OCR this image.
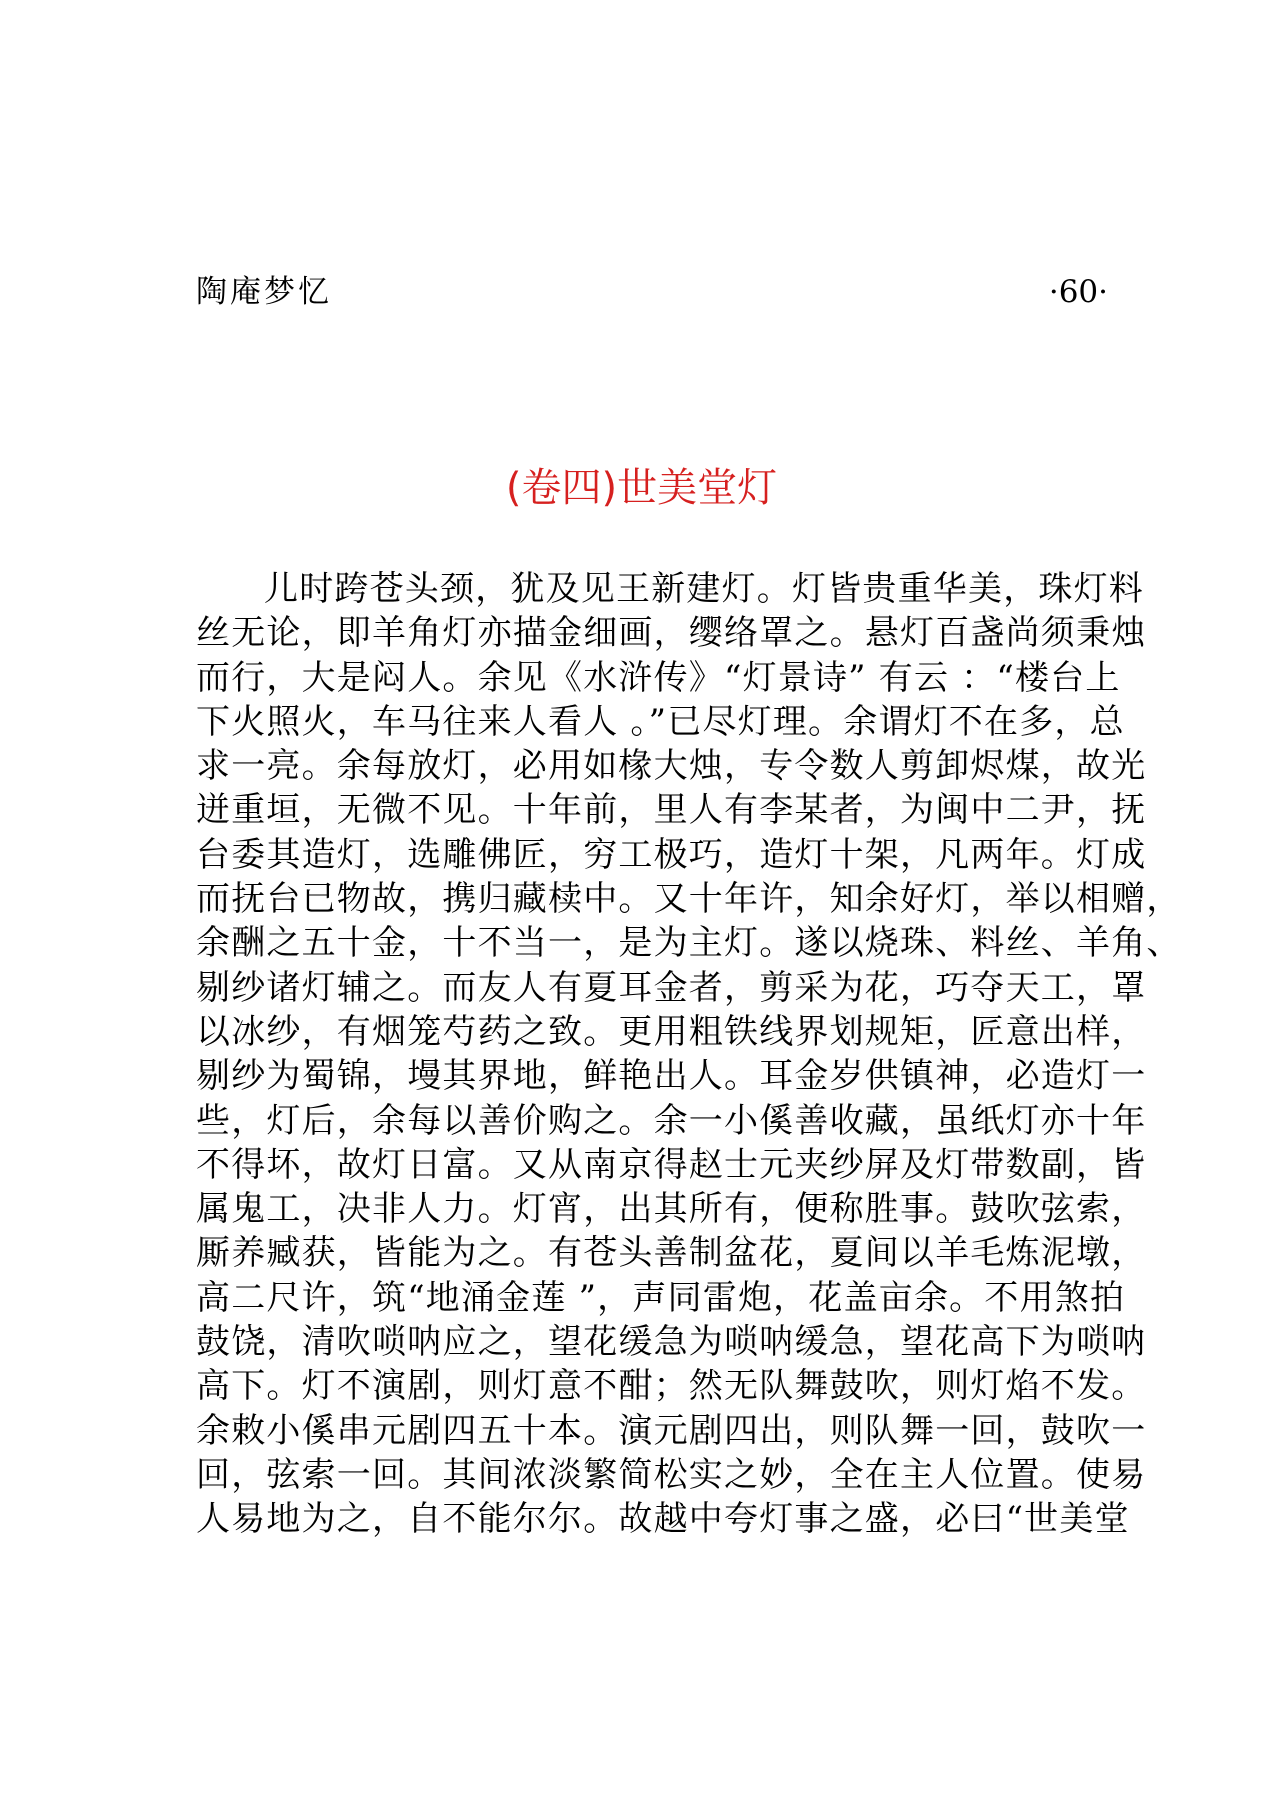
陶庵梦忆	·60·
(卷四)世美堂灯
儿时跨苍头颈，犹及见王新建灯。灯皆贵重华美，珠灯料
丝无论，即羊角灯亦描金细画，缨络罩之。悬灯百盏尚须秉烛
而行，大是闷人。余见《水浒传》“灯景诗” 有云 ：“楼台上
下火照火，车马往来人看人 。”已尽灯理。余谓灯不在多，总
求一亮。余每放灯，必用如椽大烛，专令数人剪卸烬煤，故光
迸重垣，无微不见。十年前，里人有李某者，为闽中二尹，抚
台委其造灯，选雕佛匠，穷工极巧，造灯十架，凡两年。灯成
而抚台已物故，携归藏椟中。又十年许，知余好灯，举以相赠，
余酬之五十金，十不当一，是为主灯。遂以烧珠、料丝、羊角、
剔纱诸灯辅之。而友人有夏耳金者，剪采为花，巧夺天工，罩
以冰纱，有烟笼芍药之致。更用粗铁线界划规矩，匠意出样，
剔纱为蜀锦，墁其界地，鲜艳出人。耳金岁供镇神，必造灯一
些，灯后，余每以善价购之。余一小傒善收藏，虽纸灯亦十年
不得坏，故灯日富。又从南京得赵士元夹纱屏及灯带数副，皆
属鬼工，决非人力。灯宵，出其所有，便称胜事。鼓吹弦索，
厮养臧获，皆能为之。有苍头善制盆花，夏间以羊毛炼泥墩，
高二尺许，筑“地涌金莲 ”，声同雷炮，花盖亩余。不用煞拍
鼓饶，清吹唢呐应之，望花缓急为唢呐缓急，望花高下为唢呐
高下。灯不演剧，则灯意不酣；然无队舞鼓吹，则灯焰不发。
余敕小傒串元剧四五十本。演元剧四出，则队舞一回，鼓吹一
回，弦索一回。其间浓淡繁简松实之妙，全在主人位置。使易
人易地为之，自不能尔尔。故越中夸灯事之盛，必曰“世美堂
